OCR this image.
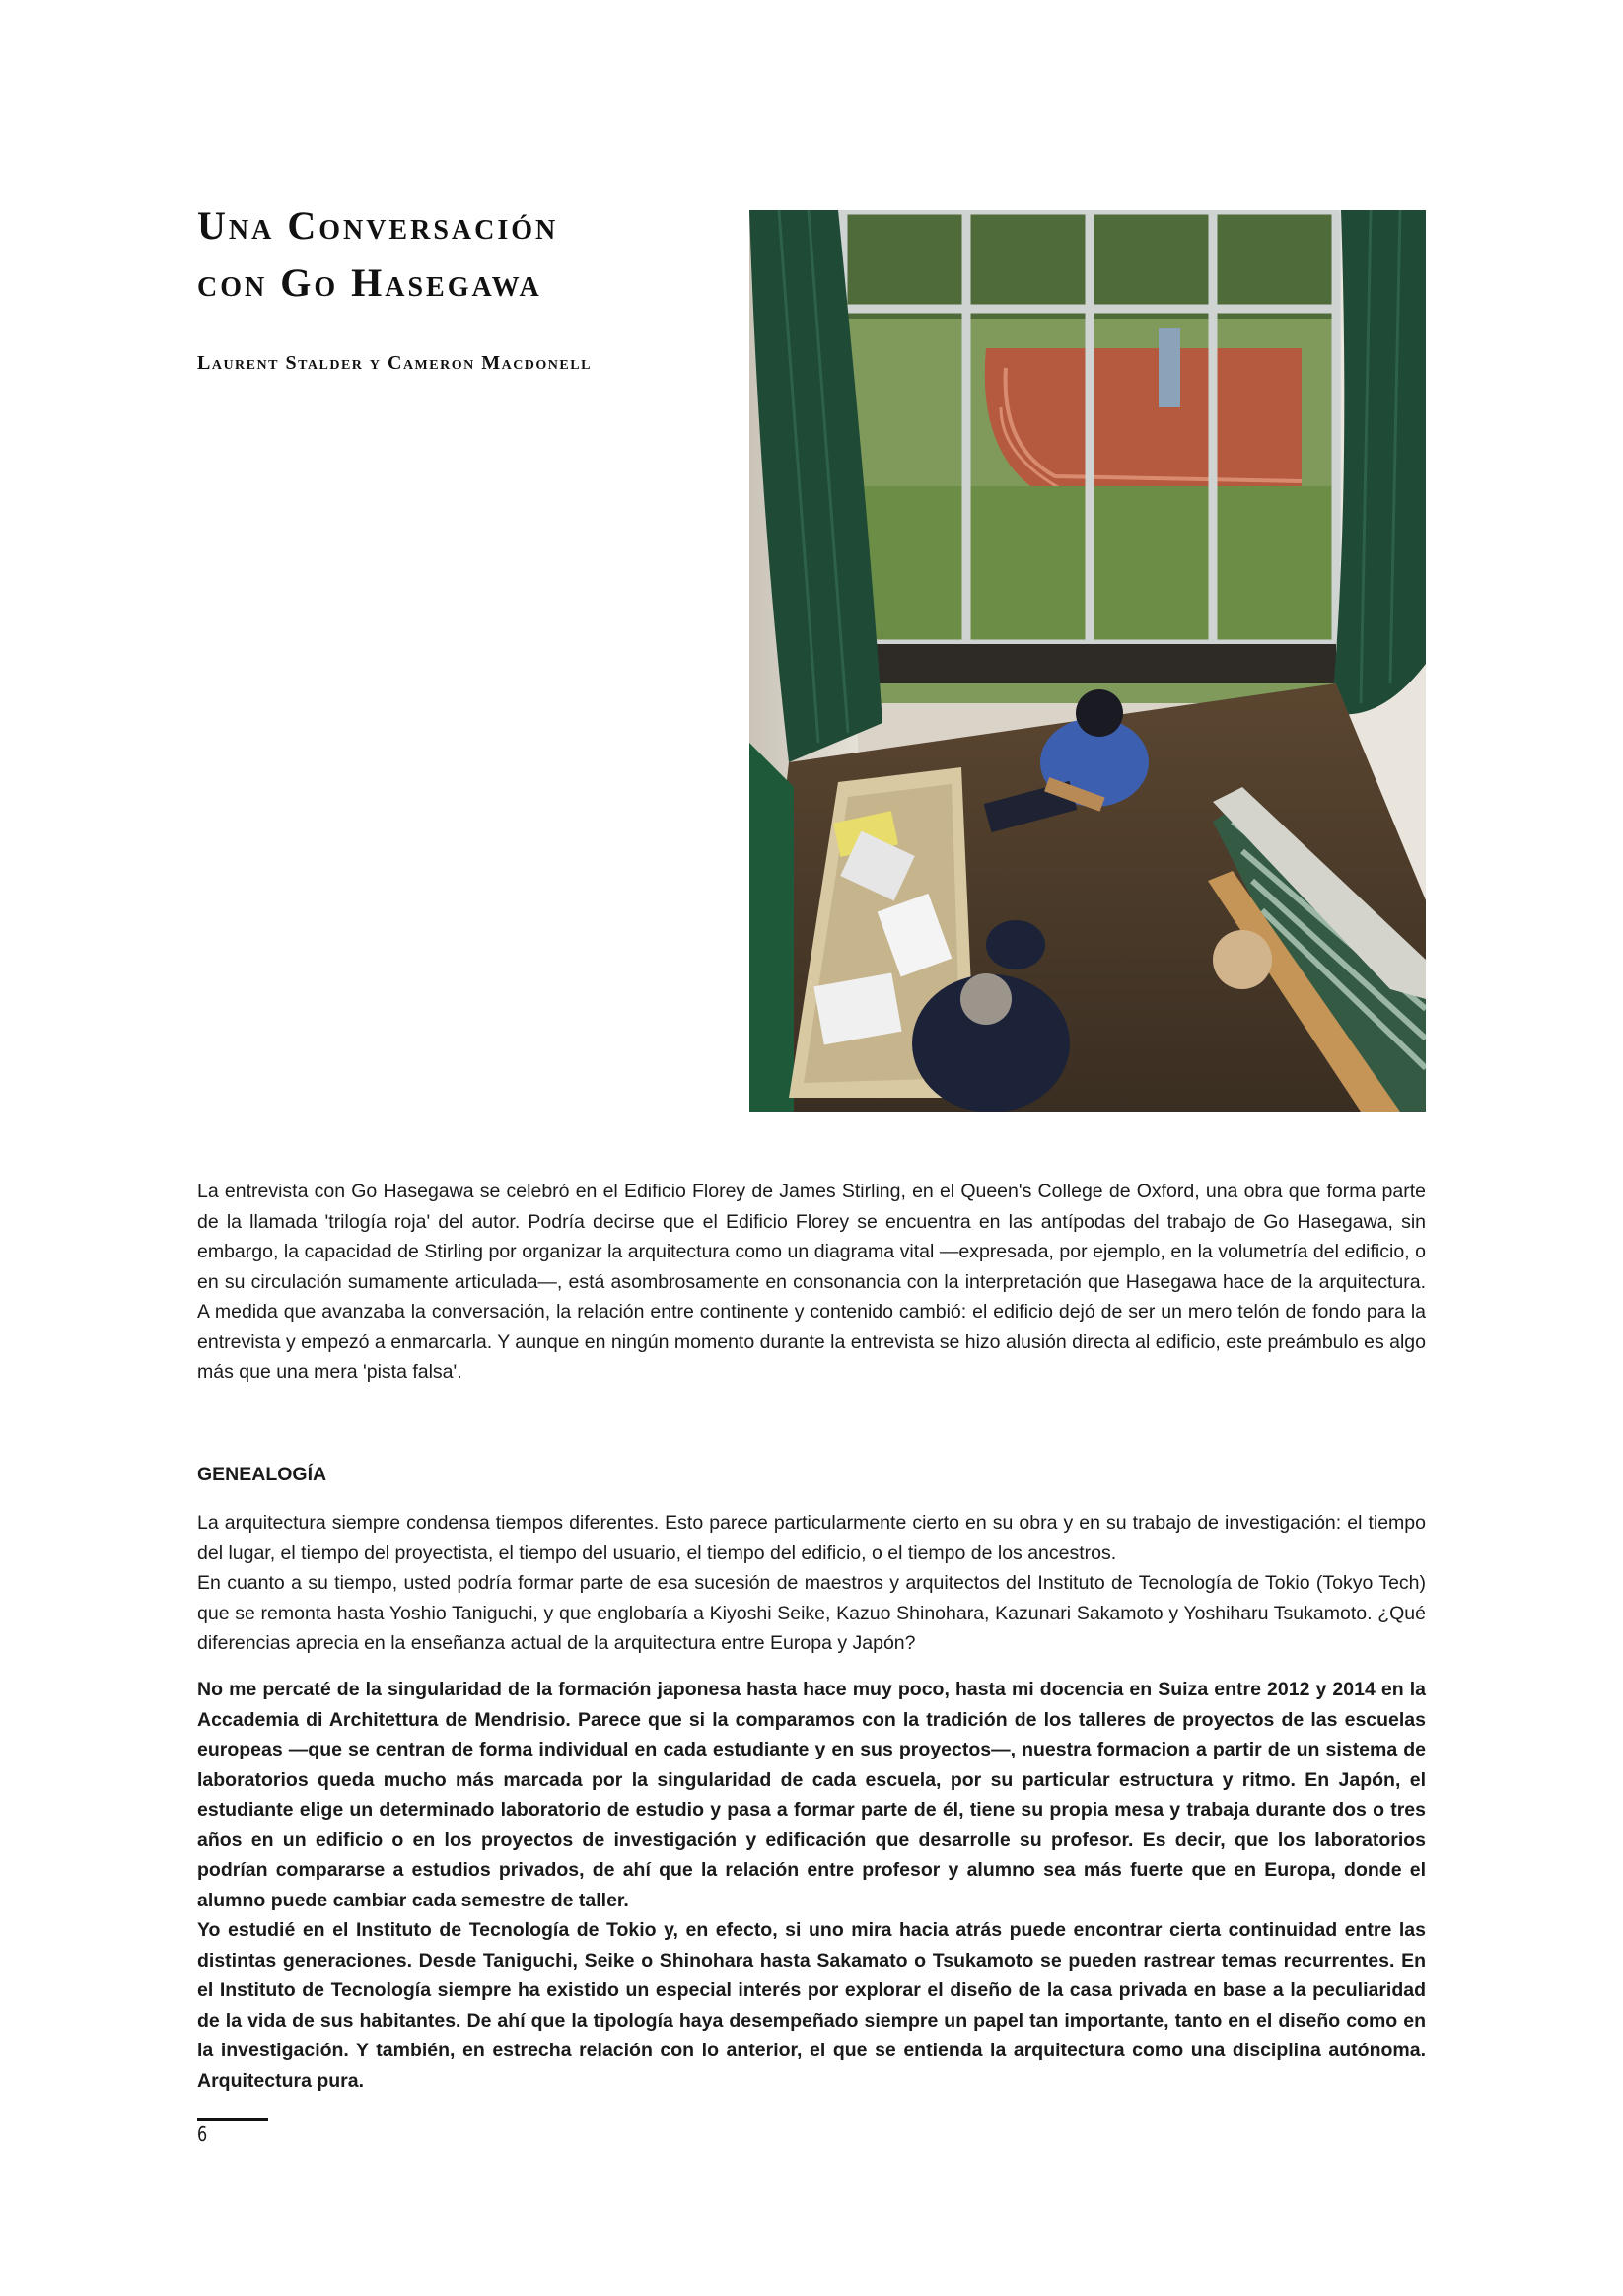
Una Conversación
con Go Hasegawa
Laurent Stalder y Cameron Macdonell

La entrevista con Go Hasegawa se celebró en el Edificio Florey de James Stirling, en el Queen's College de Oxford, una obra que forma parte de la llamada 'trilogía roja' del autor. Podría decirse que el Edificio Florey se encuentra en las antípodas del trabajo de Go Hasegawa, sin embargo, la capacidad de Stirling por organizar la arquitectura como un diagrama vital —expresada, por ejemplo, en la volumetría del edificio, o en su circulación sumamente articulada—, está asombrosamente en consonancia con la interpretación que Hasegawa hace de la arquitectura. A medida que avanzaba la conversación, la relación entre continente y contenido cambió: el edificio dejó de ser un mero telón de fondo para la entrevista y empezó a enmarcarla. Y aunque en ningún momento durante la entrevista se hizo alusión directa al edificio, este preámbulo es algo más que una mera 'pista falsa'.

GENEALOGÍA

La arquitectura siempre condensa tiempos diferentes. Esto parece particularmente cierto en su obra y en su trabajo de investigación: el tiempo del lugar, el tiempo del proyectista, el tiempo del usuario, el tiempo del edificio, o el tiempo de los ancestros.

En cuanto a su tiempo, usted podría formar parte de esa sucesión de maestros y arquitectos del Instituto de Tecnología de Tokio (Tokyo Tech) que se remonta hasta Yoshio Taniguchi, y que englobaría a Kiyoshi Seike, Kazuo Shinohara, Kazunari Sakamoto y Yoshiharu Tsukamoto. ¿Qué diferencias aprecia en la enseñanza actual de la arquitectura entre Europa y Japón?

No me percaté de la singularidad de la formación japonesa hasta hace muy poco, hasta mi docencia en Suiza entre 2012 y 2014 en la Accademia di Architettura de Mendrisio. Parece que si la comparamos con la tradición de los talleres de proyectos de las escuelas europeas —que se centran de forma individual en cada estudiante y en sus proyectos—, nuestra formacion a partir de un sistema de laboratorios queda mucho más marcada por la singularidad de cada escuela, por su particular estructura y ritmo. En Japón, el estudiante elige un determinado laboratorio de estudio y pasa a formar parte de él, tiene su propia mesa y trabaja durante dos o tres años en un edificio o en los proyectos de investigación y edificación que desarrolle su profesor. Es decir, que los laboratorios podrían compararse a estudios privados, de ahí que la relación entre profesor y alumno sea más fuerte que en Europa, donde el alumno puede cambiar cada semestre de taller.

Yo estudié en el Instituto de Tecnología de Tokio y, en efecto, si uno mira hacia atrás puede encontrar cierta continuidad entre las distintas generaciones. Desde Taniguchi, Seike o Shinohara hasta Sakamato o Tsukamoto se pueden rastrear temas recurrentes. En el Instituto de Tecnología siempre ha existido un especial interés por explorar el diseño de la casa privada en base a la peculiaridad de la vida de sus habitantes. De ahí que la tipología haya desempeñado siempre un papel tan importante, tanto en el diseño como en la investigación. Y también, en estrecha relación con lo anterior, el que se entienda la arquitectura como una disciplina autónoma. Arquitectura pura.

6
